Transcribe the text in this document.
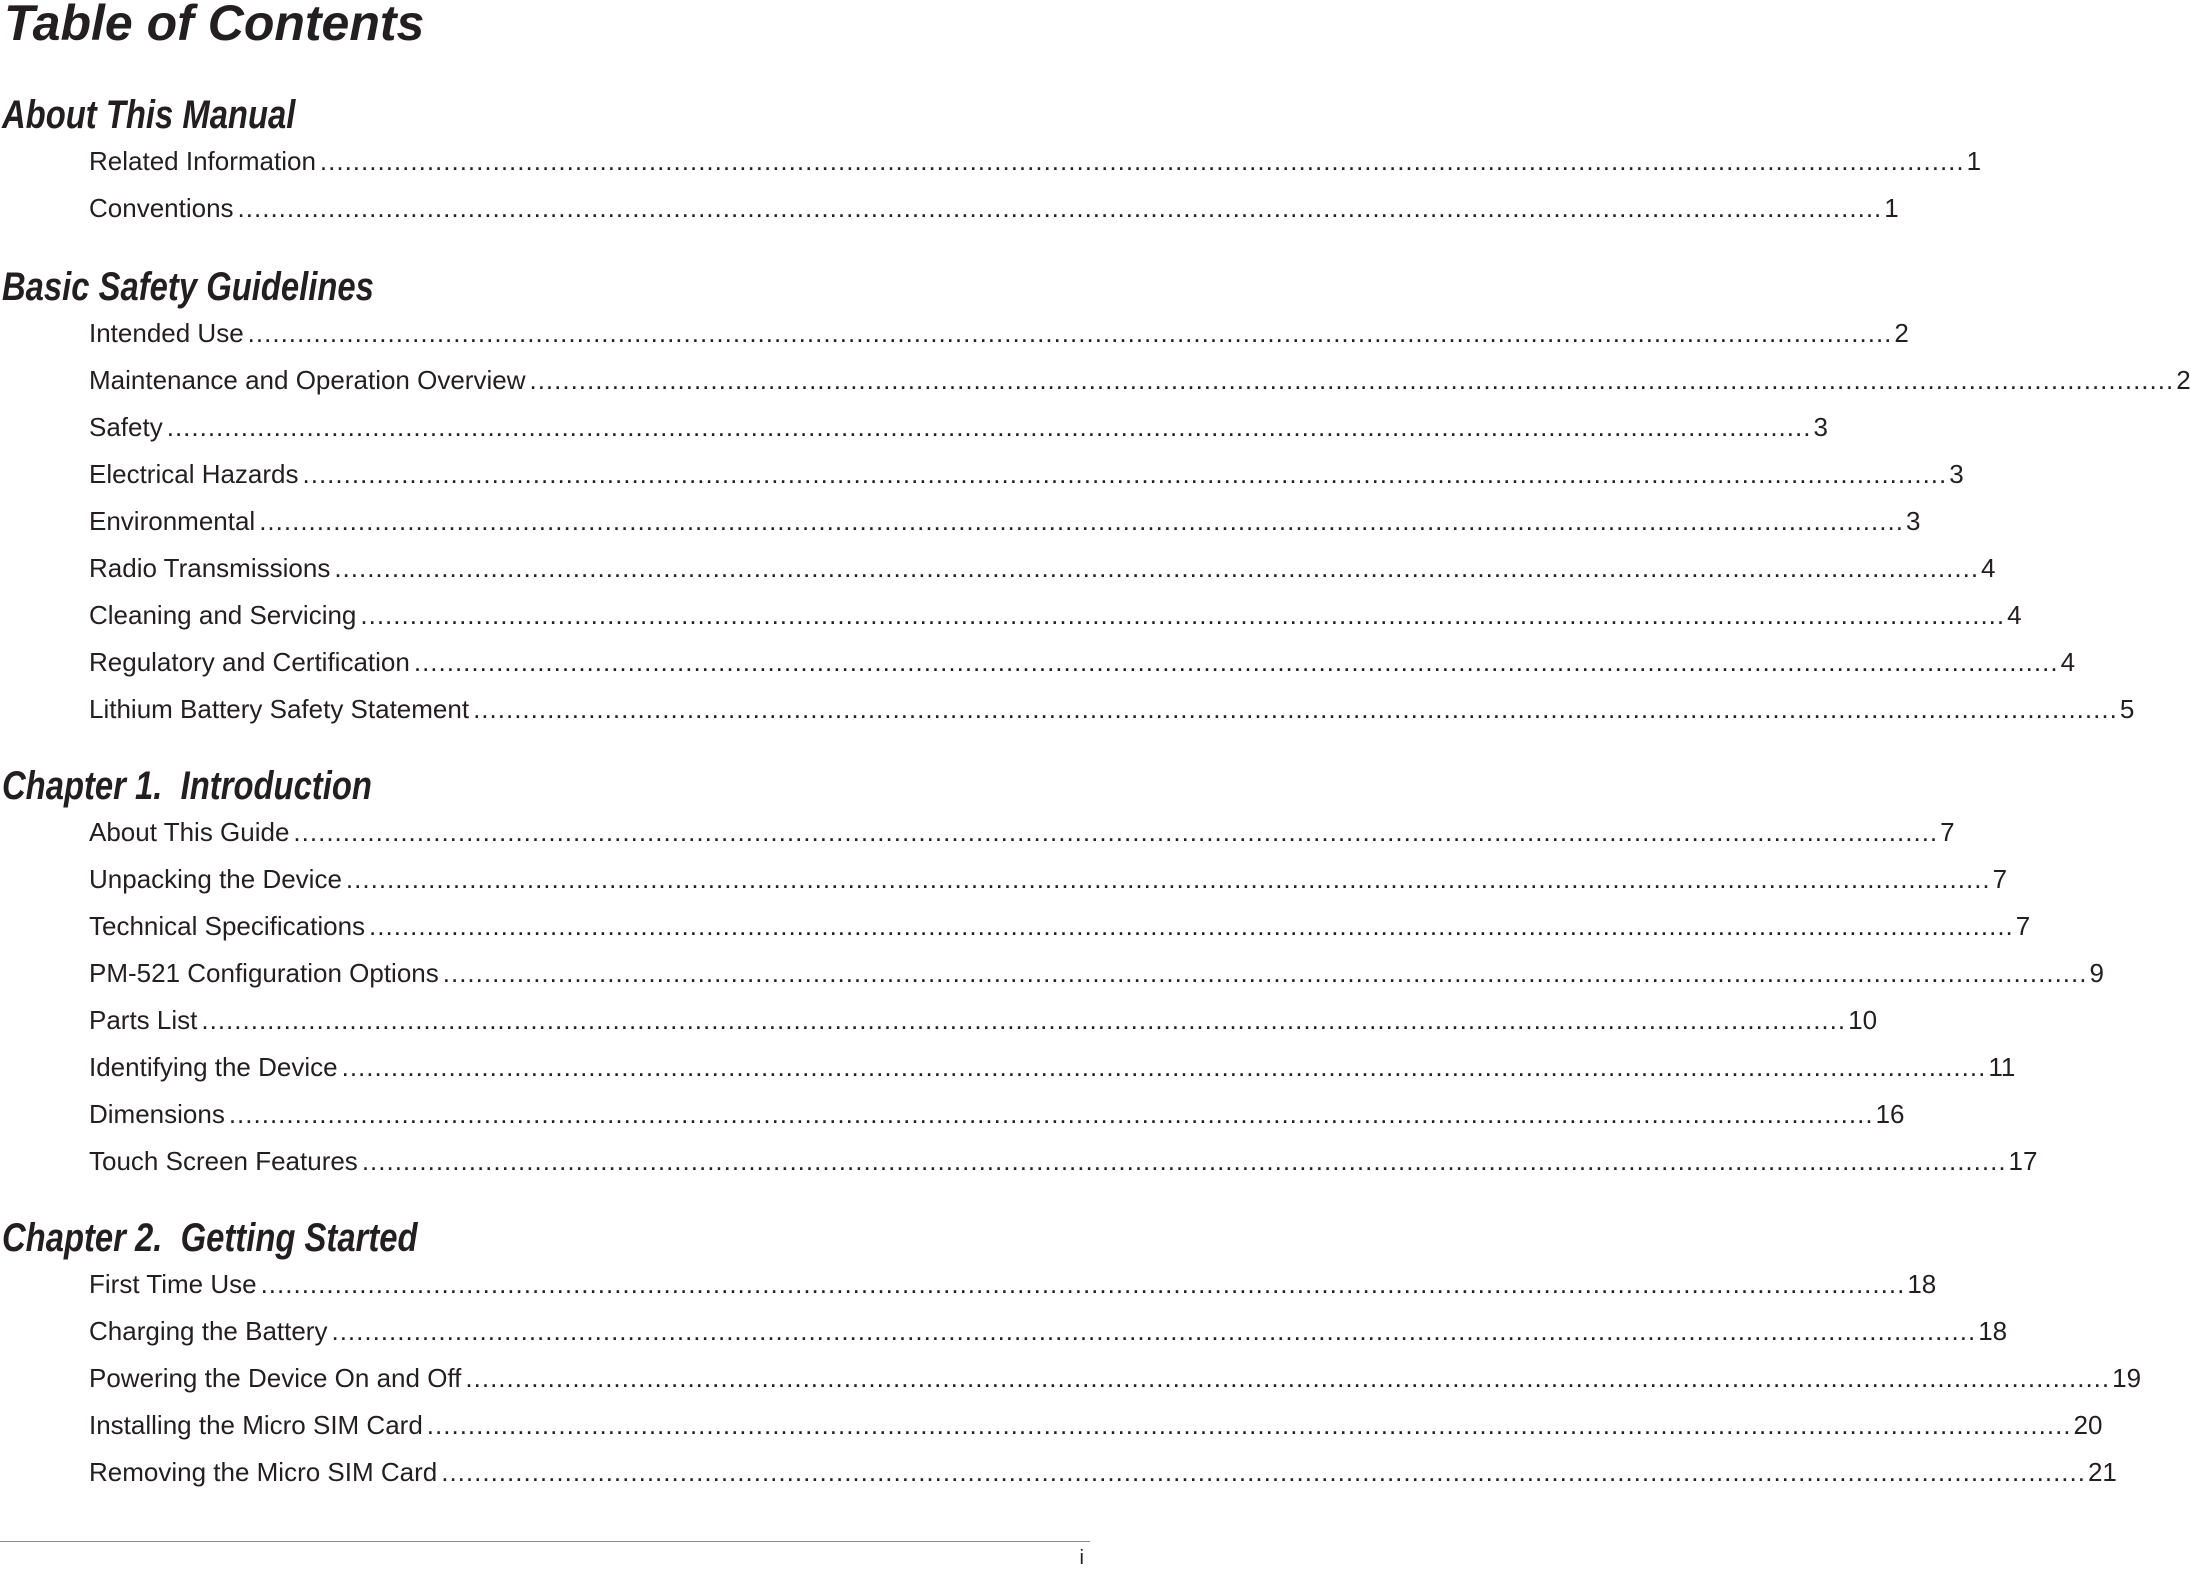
Table of Contents
About This Manual
Related Information ........................................................................................................................................................................................................ 1
Conventions ........................................................................................................................................................................................................ 1
Basic Safety Guidelines
Intended Use ........................................................................................................................................................................................................ 2
Maintenance and Operation Overview ........................................................................................................................................................................................................ 2
Safety ........................................................................................................................................................................................................ 3
Electrical Hazards ........................................................................................................................................................................................................ 3
Environmental ........................................................................................................................................................................................................ 3
Radio Transmissions ........................................................................................................................................................................................................ 4
Cleaning and Servicing ........................................................................................................................................................................................................ 4
Regulatory and Certification ........................................................................................................................................................................................................ 4
Lithium Battery Safety Statement ........................................................................................................................................................................................................ 5
Chapter 1.  Introduction
About This Guide ........................................................................................................................................................................................................ 7
Unpacking the Device ........................................................................................................................................................................................................ 7
Technical Specifications ........................................................................................................................................................................................................ 7
PM-521 Configuration Options ........................................................................................................................................................................................................ 9
Parts List ........................................................................................................................................................................................................ 10
Identifying the Device ........................................................................................................................................................................................................ 11
Dimensions ........................................................................................................................................................................................................ 16
Touch Screen Features ........................................................................................................................................................................................................ 17
Chapter 2.  Getting Started
First Time Use ........................................................................................................................................................................................................ 18
Charging the Battery ........................................................................................................................................................................................................ 18
Powering the Device On and Off ........................................................................................................................................................................................................ 19
Installing the Micro SIM Card ........................................................................................................................................................................................................ 20
Removing the Micro SIM Card ........................................................................................................................................................................................................ 21
i
